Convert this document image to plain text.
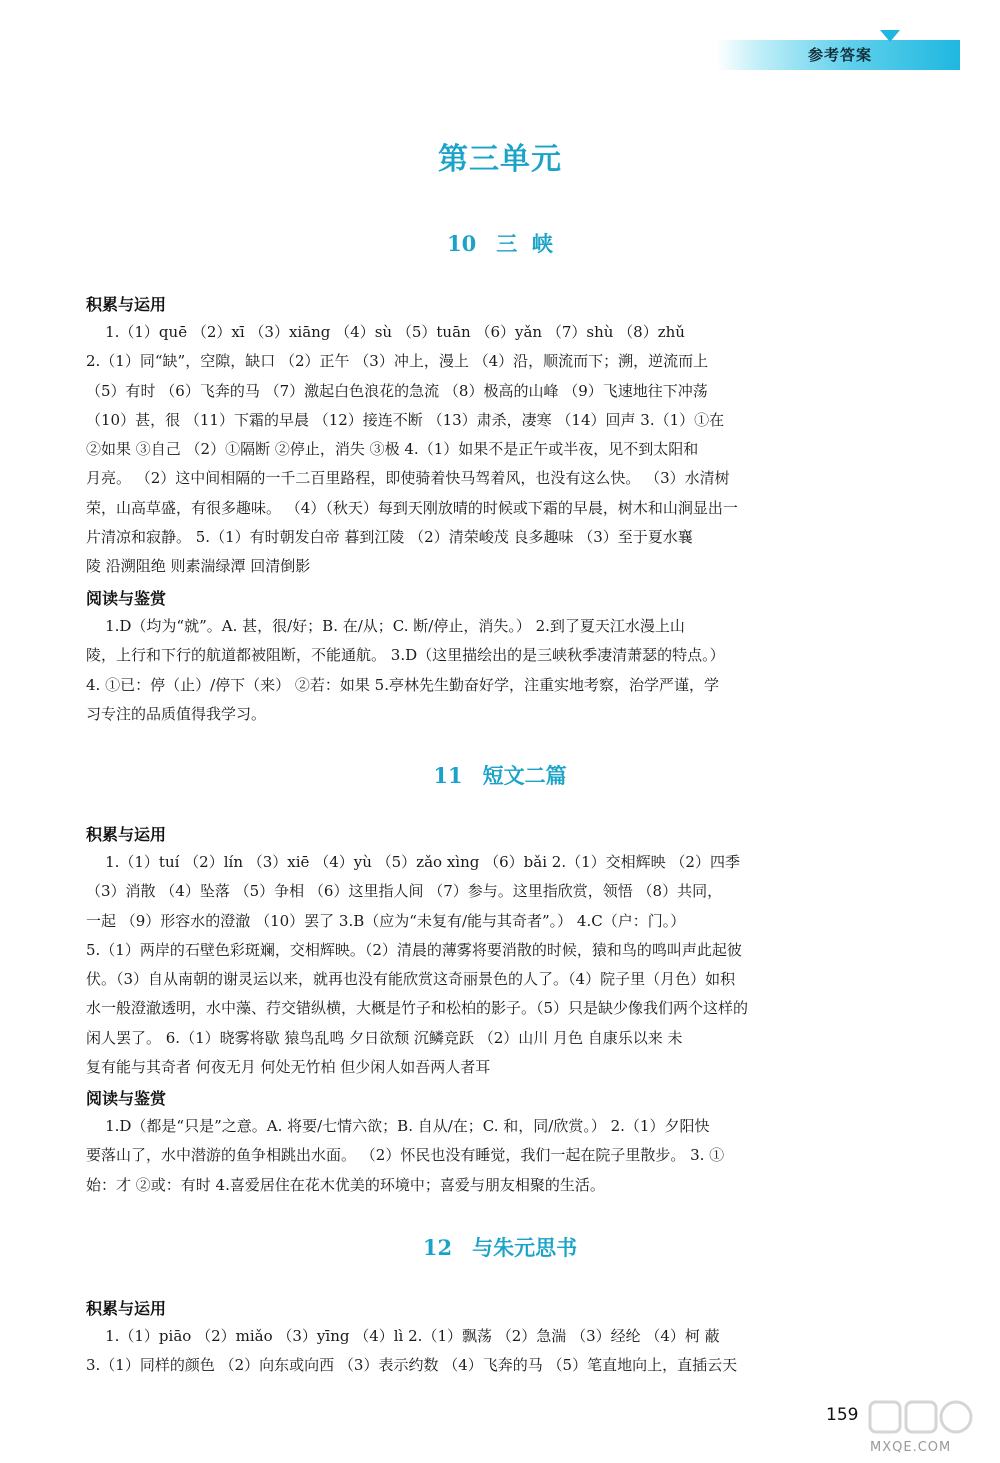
参考答案
第三单元
10 三  峡
积累与运用
1.（1）quē （2）xī （3）xiāng （4）sù （5）tuān （6）yǎn （7）shù （8）zhǔ
2.（1）同“缺”，空隙，缺口 （2）正午 （3）冲上，漫上 （4）沿，顺流而下；溯，逆流而上
（5）有时 （6）飞奔的马 （7）激起白色浪花的急流 （8）极高的山峰 （9）飞速地往下冲荡
（10）甚，很 （11）下霜的早晨 （12）接连不断 （13）肃杀，凄寒 （14）回声 3.（1）①在
②如果 ③自己 （2）①隔断 ②停止，消失 ③极 4.（1）如果不是正午或半夜，见不到太阳和
月亮。 （2）这中间相隔的一千二百里路程，即使骑着快马驾着风，也没有这么快。 （3）水清树
荣，山高草盛，有很多趣味。 （4）（秋天）每到天刚放晴的时候或下霜的早晨，树木和山涧显出一
片清凉和寂静。 5.（1）有时朝发白帝 暮到江陵 （2）清荣峻茂 良多趣味 （3）至于夏水襄
陵 沿溯阻绝 则素湍绿潭 回清倒影
阅读与鉴赏
1.D（均为“就”。A. 甚，很/好；B. 在/从；C. 断/停止，消失。） 2.到了夏天江水漫上山
陵，上行和下行的航道都被阻断，不能通航。 3.D（这里描绘出的是三峡秋季凄清萧瑟的特点。）
4. ①已：停（止）/停下（来） ②若：如果 5.亭林先生勤奋好学，注重实地考察，治学严谨，学
习专注的品质值得我学习。
11 短文二篇
积累与运用
1.（1）tuí （2）lín （3）xiē （4）yù （5）zǎo xìng （6）bǎi 2.（1）交相辉映 （2）四季
（3）消散 （4）坠落 （5）争相 （6）这里指人间 （7）参与。这里指欣赏，领悟 （8）共同，
一起 （9）形容水的澄澈 （10）罢了 3.B（应为“未复有/能与其奇者”。） 4.C（户：门。）
5.（1）两岸的石壁色彩斑斓，交相辉映。（2）清晨的薄雾将要消散的时候，猿和鸟的鸣叫声此起彼
伏。（3）自从南朝的谢灵运以来，就再也没有能欣赏这奇丽景色的人了。（4）院子里（月色）如积
水一般澄澈透明，水中藻、荇交错纵横，大概是竹子和松柏的影子。（5）只是缺少像我们两个这样的
闲人罢了。 6.（1）晓雾将歇 猿鸟乱鸣 夕日欲颓 沉鳞竞跃 （2）山川 月色 自康乐以来 未
复有能与其奇者 何夜无月 何处无竹柏 但少闲人如吾两人者耳
阅读与鉴赏
1.D（都是“只是”之意。A. 将要/七情六欲；B. 自从/在；C. 和，同/欣赏。） 2.（1）夕阳快
要落山了，水中潜游的鱼争相跳出水面。 （2）怀民也没有睡觉，我们一起在院子里散步。 3. ①
始：才 ②或：有时 4.喜爱居住在花木优美的环境中；喜爱与朋友相聚的生活。
12 与朱元思书
积累与运用
1.（1）piāo （2）miǎo （3）yīng （4）lì 2.（1）飘荡 （2）急湍 （3）经纶 （4）柯 蔽
3.（1）同样的颜色 （2）向东或向西 （3）表示约数 （4）飞奔的马 （5）笔直地向上，直插云天
159
MXQE.COM
